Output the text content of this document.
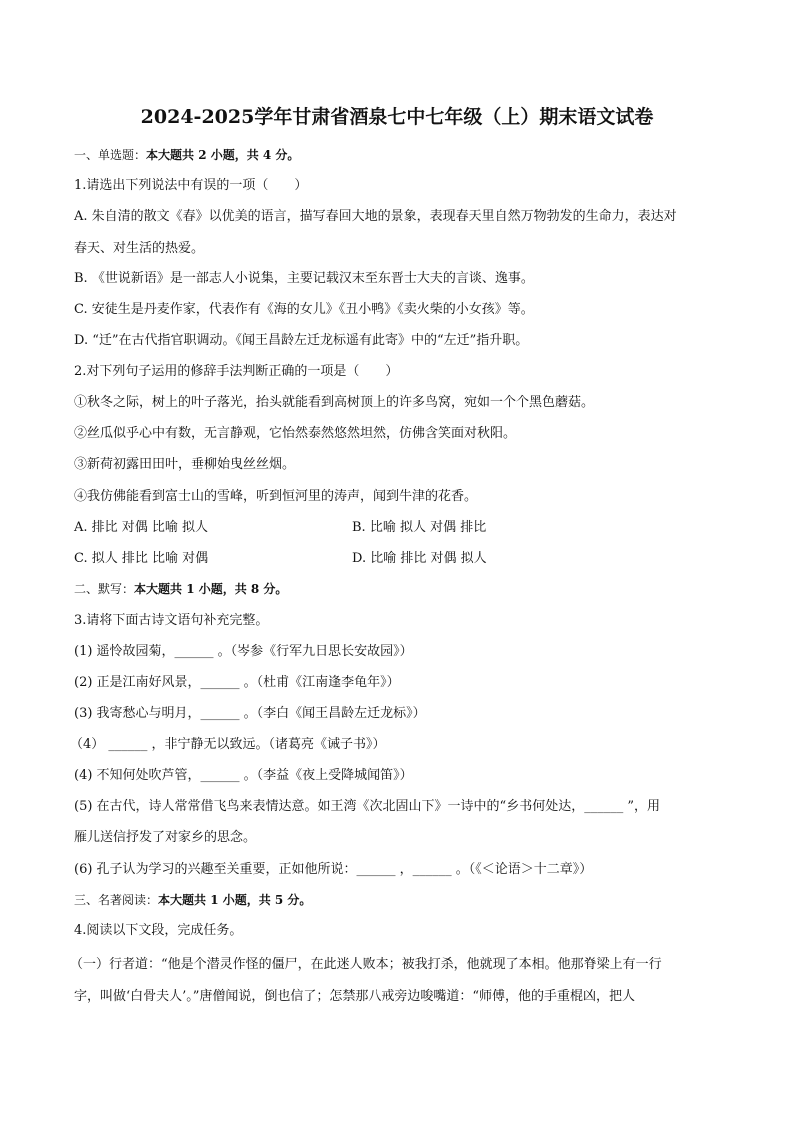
2024-2025学年甘肃省酒泉七中七年级（上）期末语文试卷
一、单选题：本大题共 2 小题，共 4 分。
1.请选出下列说法中有误的一项（　　）
A. 朱自清的散文《春》以优美的语言，描写春回大地的景象，表现春天里自然万物勃发的生命力，表达对
春天、对生活的热爱。
B. 《世说新语》是一部志人小说集，主要记载汉末至东晋士大夫的言谈、逸事。
C. 安徒生是丹麦作家，代表作有《海的女儿》《丑小鸭》《卖火柴的小女孩》等。
D. “迁”在古代指官职调动。《闻王昌龄左迁龙标遥有此寄》中的“左迁”指升职。
2.对下列句子运用的修辞手法判断正确的一项是（　　）
①秋冬之际，树上的叶子落光，抬头就能看到高树顶上的许多鸟窝，宛如一个个黑色蘑菇。
②丝瓜似乎心中有数，无言静观，它怡然泰然悠然坦然，仿佛含笑面对秋阳。
③新荷初露田田叶，垂柳始曳丝丝烟。
④我仿佛能看到富士山的雪峰，听到恒河里的涛声，闻到牛津的花香。
A. 排比 对偶 比喻 拟人	B. 比喻 拟人 对偶 排比
C. 拟人 排比 比喻 对偶	D. 比喻 排比 对偶 拟人
二、默写：本大题共 1 小题，共 8 分。
3.请将下面古诗文语句补充完整。
(1) 遥怜故园菊，______ 。（岑参《行军九日思长安故园》）
(2) 正是江南好风景，______ 。（杜甫《江南逢李龟年》）
(3) 我寄愁心与明月，______ 。（李白《闻王昌龄左迁龙标》）
（4） ______ ，非宁静无以致远。（诸葛亮《诫子书》）
(4) 不知何处吹芦管，______ 。（李益《夜上受降城闻笛》）
(5) 在古代，诗人常常借飞鸟来表情达意。如王湾《次北固山下》一诗中的“乡书何处达，______ ”，用
雁儿送信抒发了对家乡的思念。
(6) 孔子认为学习的兴趣至关重要，正如他所说：______ ，______ 。（《＜论语＞十二章》）
三、名著阅读：本大题共 1 小题，共 5 分。
4.阅读以下文段，完成任务。
（一）行者道：“他是个潜灵作怪的僵尸，在此迷人败本；被我打杀，他就现了本相。他那脊梁上有一行
字，叫做‘白骨夫人’。”唐僧闻说，倒也信了；怎禁那八戒旁边唆嘴道：“师傅，他的手重棍凶，把人
